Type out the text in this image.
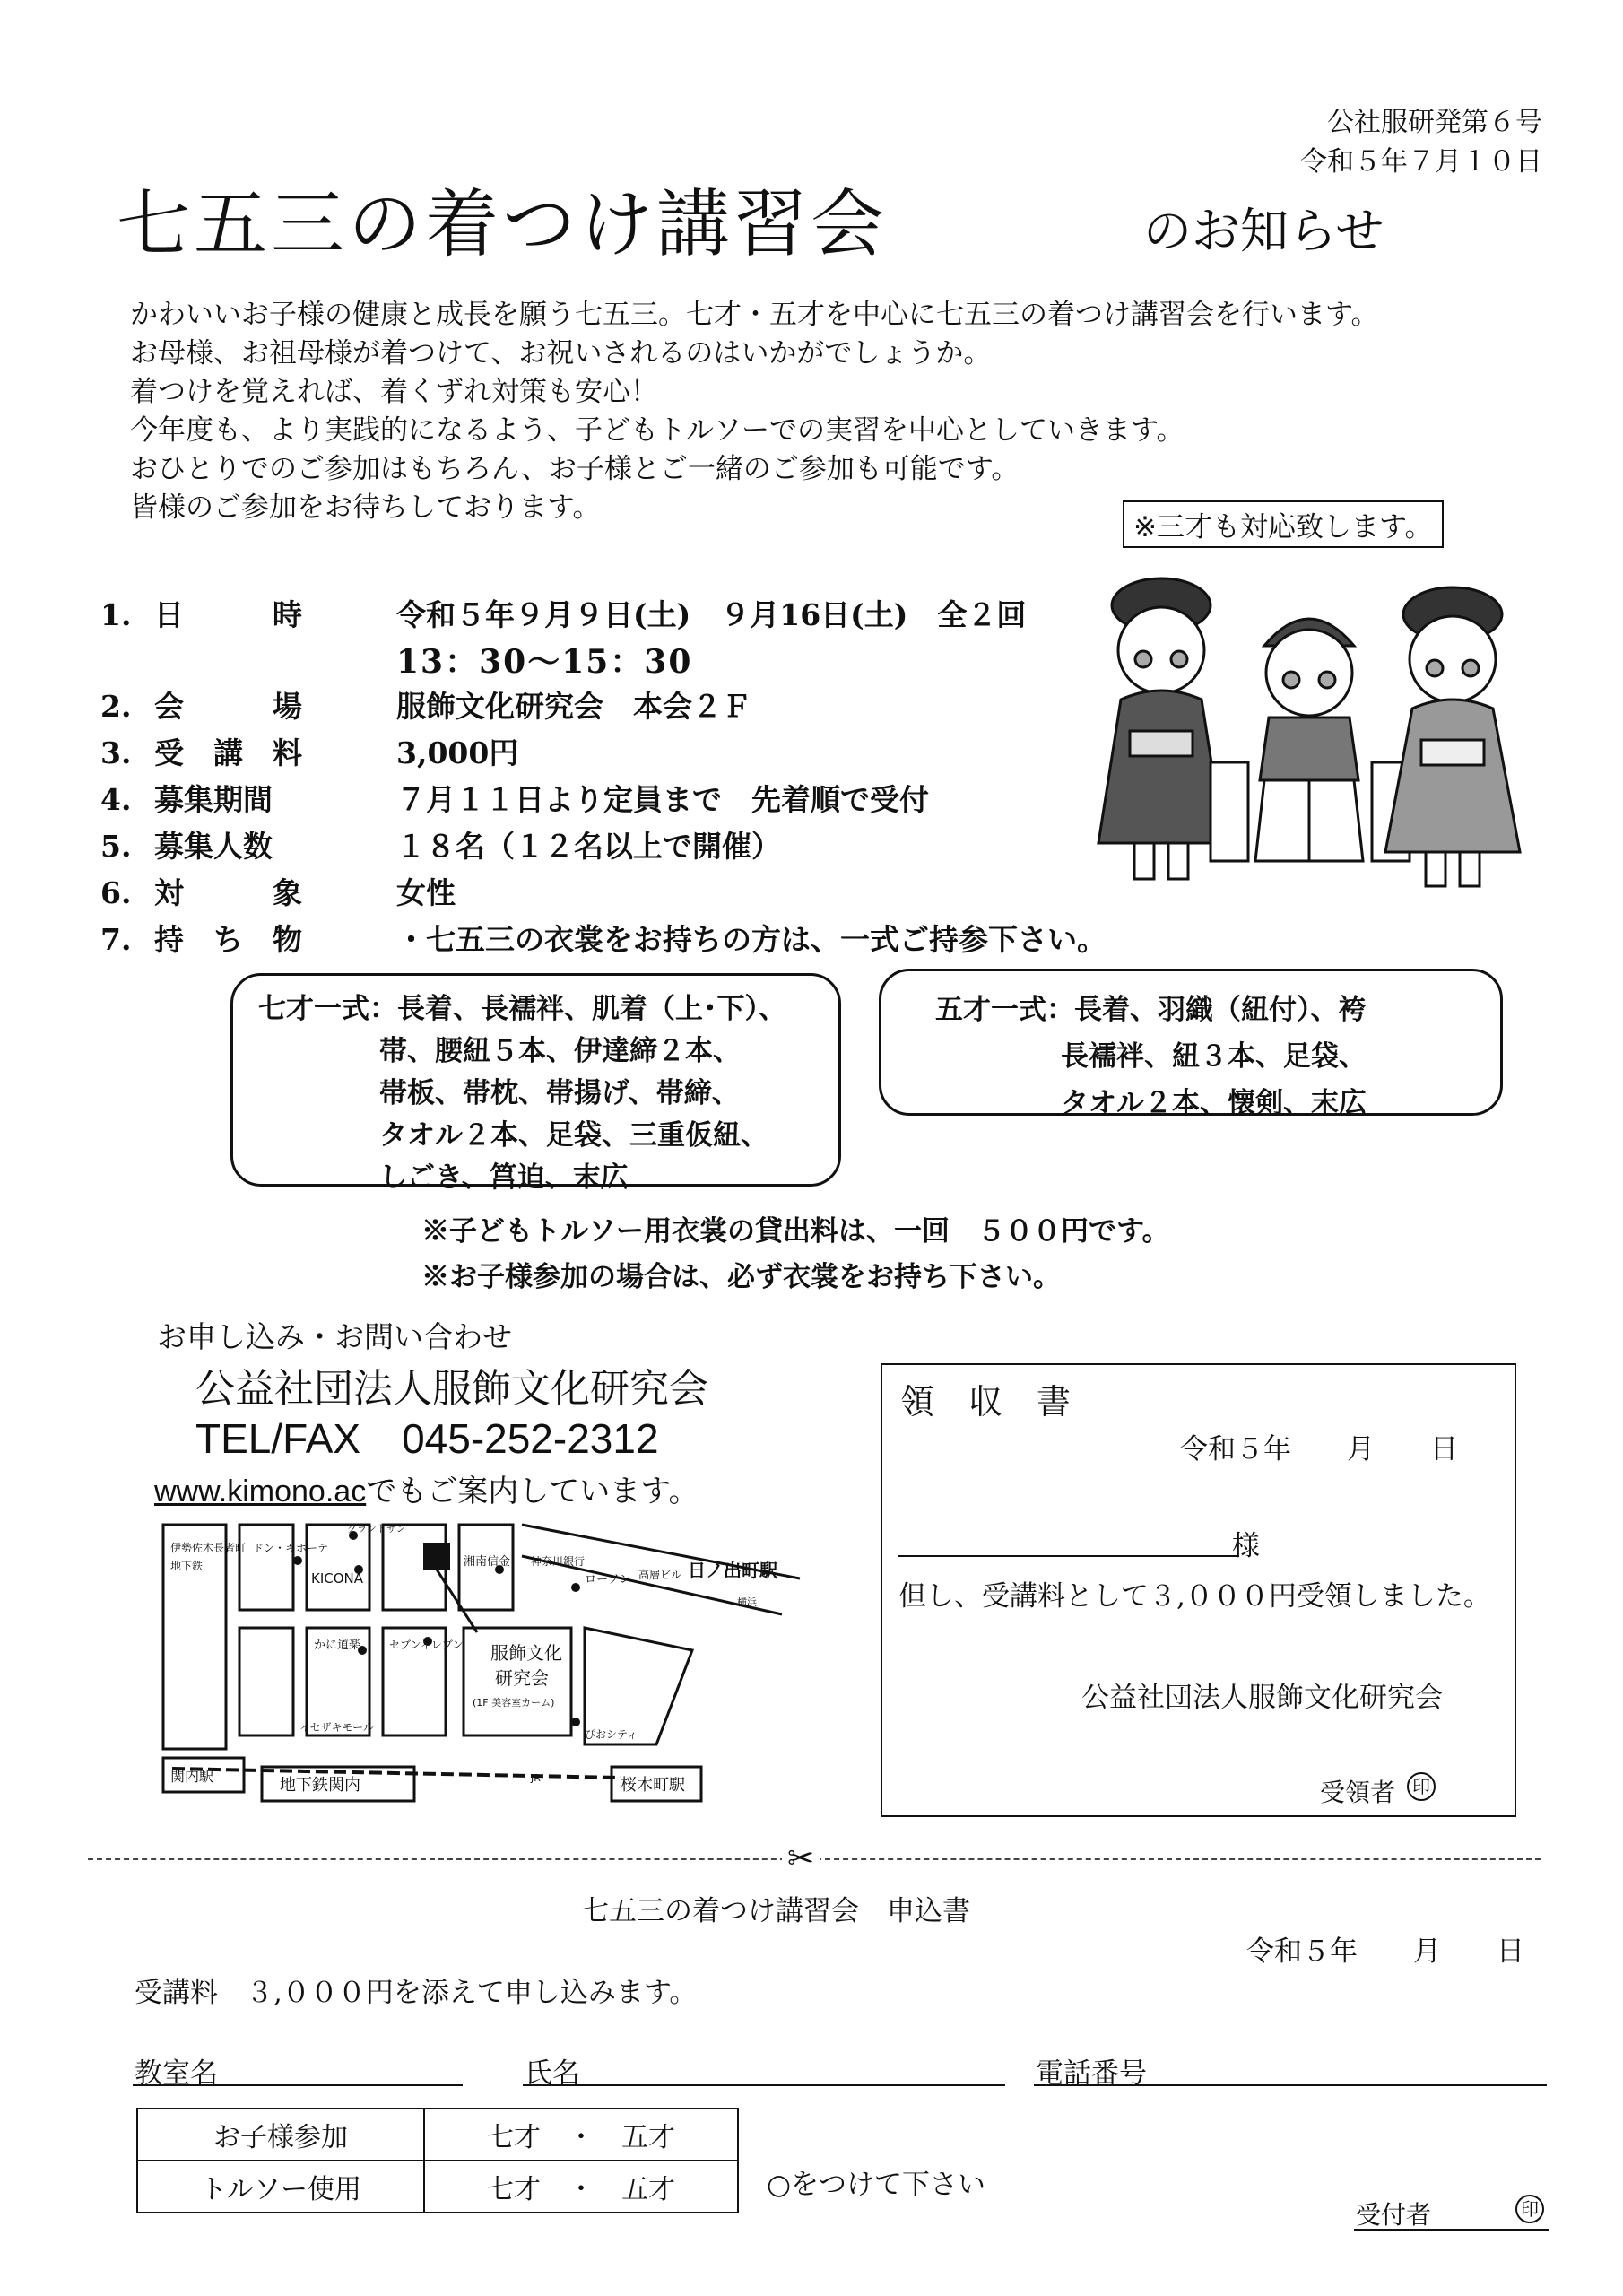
公社服研発第６号
令和５年７月１０日
七五三の着つけ講習会	のお知らせ
かわいいお子様の健康と成長を願う七五三。七才・五才を中心に七五三の着つけ講習会を行います。
お母様、お祖母様が着つけて、お祝いされるのはいかがでしょうか。
着つけを覚えれば、着くずれ対策も安心！
今年度も、より実践的になるよう、子どもトルソーでの実習を中心としていきます。
おひとりでのご参加はもちろん、お子様とご一緒のご参加も可能です。
皆様のご参加をお待ちしております。
※三才も対応致します。
1. 日　　　時	令和５年９月９日(土)　９月16日(土)　全２回
13：30～15：30
2. 会　　　場	服飾文化研究会　本会２Ｆ
3. 受　講　料	3,000円
4. 募集期間	７月１１日より定員まで　先着順で受付
5. 募集人数	１８名（１２名以上で開催）
6. 対　　　象	女性
7. 持　ち　物	・七五三の衣裳をお持ちの方は、一式ご持参下さい。
七才一式：長着、長襦袢、肌着（上･下）、
帯、腰紐５本、伊達締２本、
帯板、帯枕、帯揚げ、帯締、
タオル２本、足袋、三重仮紐、
しごき、筥迫、末広
五才一式：長着、羽織（紐付）、袴
長襦袢、紐３本、足袋、
タオル２本、懐剣、末広
※子どもトルソー用衣裳の貸出料は、一回　５００円です。
※お子様参加の場合は、必ず衣裳をお持ち下さい。
お申し込み・お問い合わせ
公益社団法人服飾文化研究会
TEL/FAX　045-252-2312
www.kimono.acでもご案内しています。
グランドサン
ドン・キホーテ
KICONA
湘南信金 神奈川銀行
ローソン 高層ビル 日ノ出町駅
横浜
伊勢佐木長者町
地下鉄
イセザキモール
かに道楽	セブンイレブン 服飾文化
研究会
(1F 美容室カーム)
ぴおシティ
関内駅	地下鉄関内	JR	桜木町駅
領　収　書
令和５年　　月　　日
様
但し、受講料として３,０００円受領しました。
公益社団法人服飾文化研究会
受領者 印
✂
七五三の着つけ講習会　申込書
令和５年　　月　　日
受講料　３,０００円を添えて申し込みます。
教室名	氏名	電話番号
お子様参加	七才　・　五才
トルソー使用	七才　・　五才	○をつけて下さい
受付者	印
